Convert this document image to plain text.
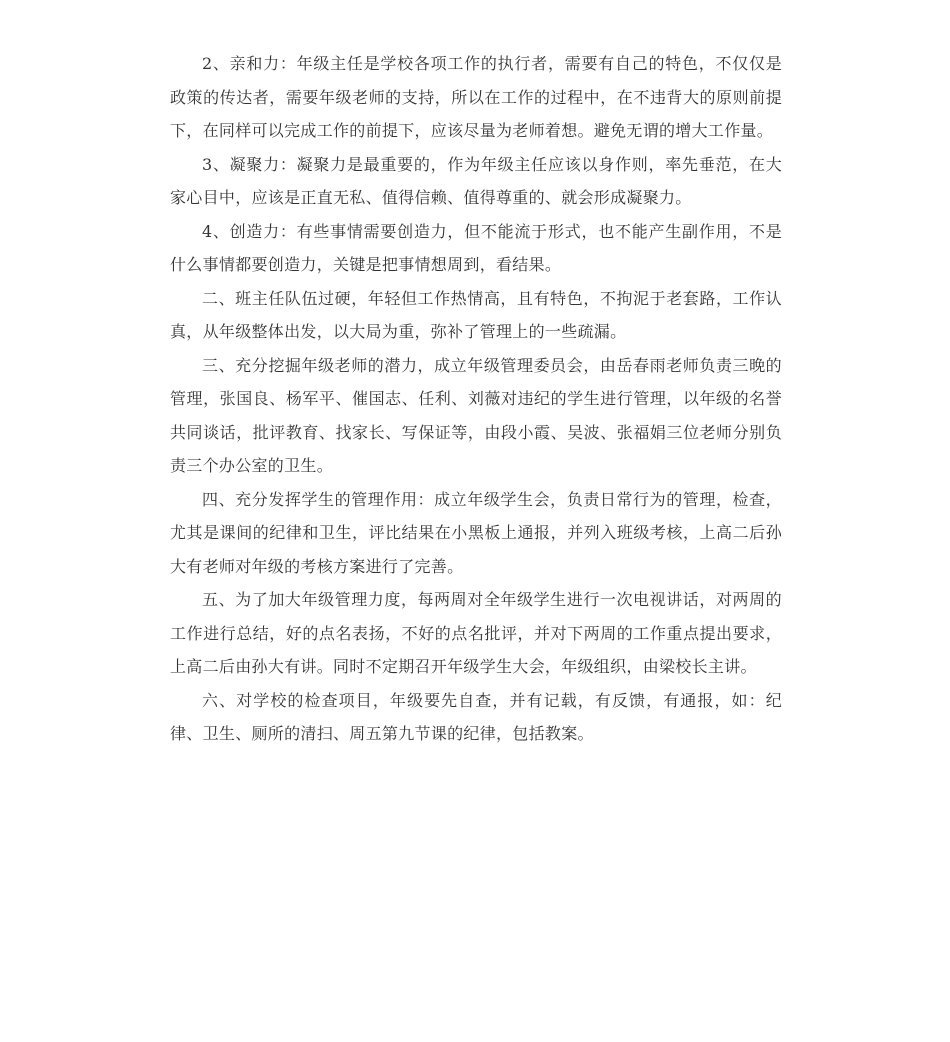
2、亲和力：年级主任是学校各项工作的执行者，需要有自己的特色，不仅仅是政策的传达者，需要年级老师的支持，所以在工作的过程中，在不违背大的原则前提下，在同样可以完成工作的前提下，应该尽量为老师着想。避免无谓的增大工作量。

3、凝聚力：凝聚力是最重要的，作为年级主任应该以身作则，率先垂范，在大家心目中，应该是正直无私、值得信赖、值得尊重的、就会形成凝聚力。

4、创造力：有些事情需要创造力，但不能流于形式，也不能产生副作用，不是什么事情都要创造力，关键是把事情想周到，看结果。

二、班主任队伍过硬，年轻但工作热情高，且有特色，不拘泥于老套路，工作认真，从年级整体出发，以大局为重，弥补了管理上的一些疏漏。

三、充分挖掘年级老师的潜力，成立年级管理委员会，由岳春雨老师负责三晚的管理，张国良、杨军平、催国志、任利、刘薇对违纪的学生进行管理，以年级的名誉共同谈话，批评教育、找家长、写保证等，由段小霞、吴波、张福娟三位老师分别负责三个办公室的卫生。

四、充分发挥学生的管理作用：成立年级学生会，负责日常行为的管理，检查，尤其是课间的纪律和卫生，评比结果在小黑板上通报，并列入班级考核，上高二后孙大有老师对年级的考核方案进行了完善。

五、为了加大年级管理力度，每两周对全年级学生进行一次电视讲话，对两周的工作进行总结，好的点名表扬，不好的点名批评，并对下两周的工作重点提出要求，上高二后由孙大有讲。同时不定期召开年级学生大会，年级组织，由梁校长主讲。

六、对学校的检查项目，年级要先自查，并有记载，有反馈，有通报，如：纪律、卫生、厕所的清扫、周五第九节课的纪律，包括教案。
